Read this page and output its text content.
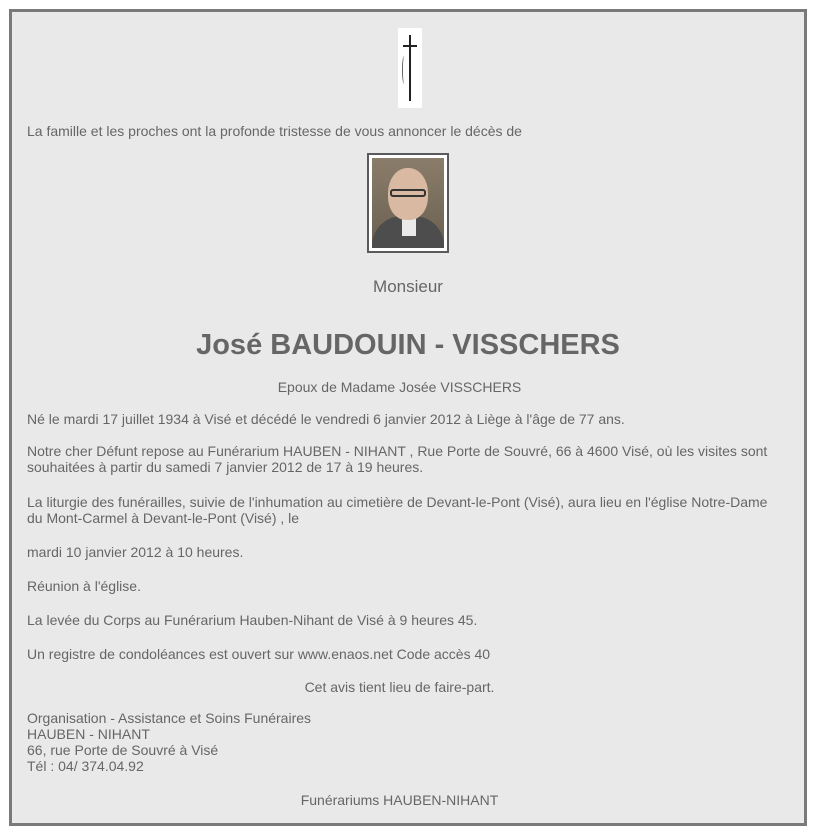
La famille et les proches ont la profonde tristesse de vous annoncer le décès de

Monsieur
José BAUDOUIN - VISSCHERS

Epoux de Madame Josée VISSCHERS

Né le mardi 17 juillet 1934 à Visé et décédé le vendredi 6 janvier 2012 à Liège à l'âge de 77 ans.

Notre cher Défunt repose au Funérarium HAUBEN - NIHANT , Rue Porte de Souvré, 66 à 4600 Visé, où les visites sont souhaitées à partir du samedi 7 janvier 2012 de 17 à 19 heures.

La liturgie des funérailles, suivie de l'inhumation au cimetière de Devant-le-Pont (Visé), aura lieu en l'église Notre-Dame du Mont-Carmel à Devant-le-Pont (Visé) , le

mardi 10 janvier 2012 à 10 heures.

Réunion à l'église.

La levée du Corps au Funérarium Hauben-Nihant de Visé à 9 heures 45.

Un registre de condoléances est ouvert sur www.enaos.net Code accès 40

Cet avis tient lieu de faire-part.

Organisation - Assistance et Soins Funéraires
HAUBEN - NIHANT
66, rue Porte de Souvré à Visé
Tél : 04/ 374.04.92

Funérariums HAUBEN-NIHANT
